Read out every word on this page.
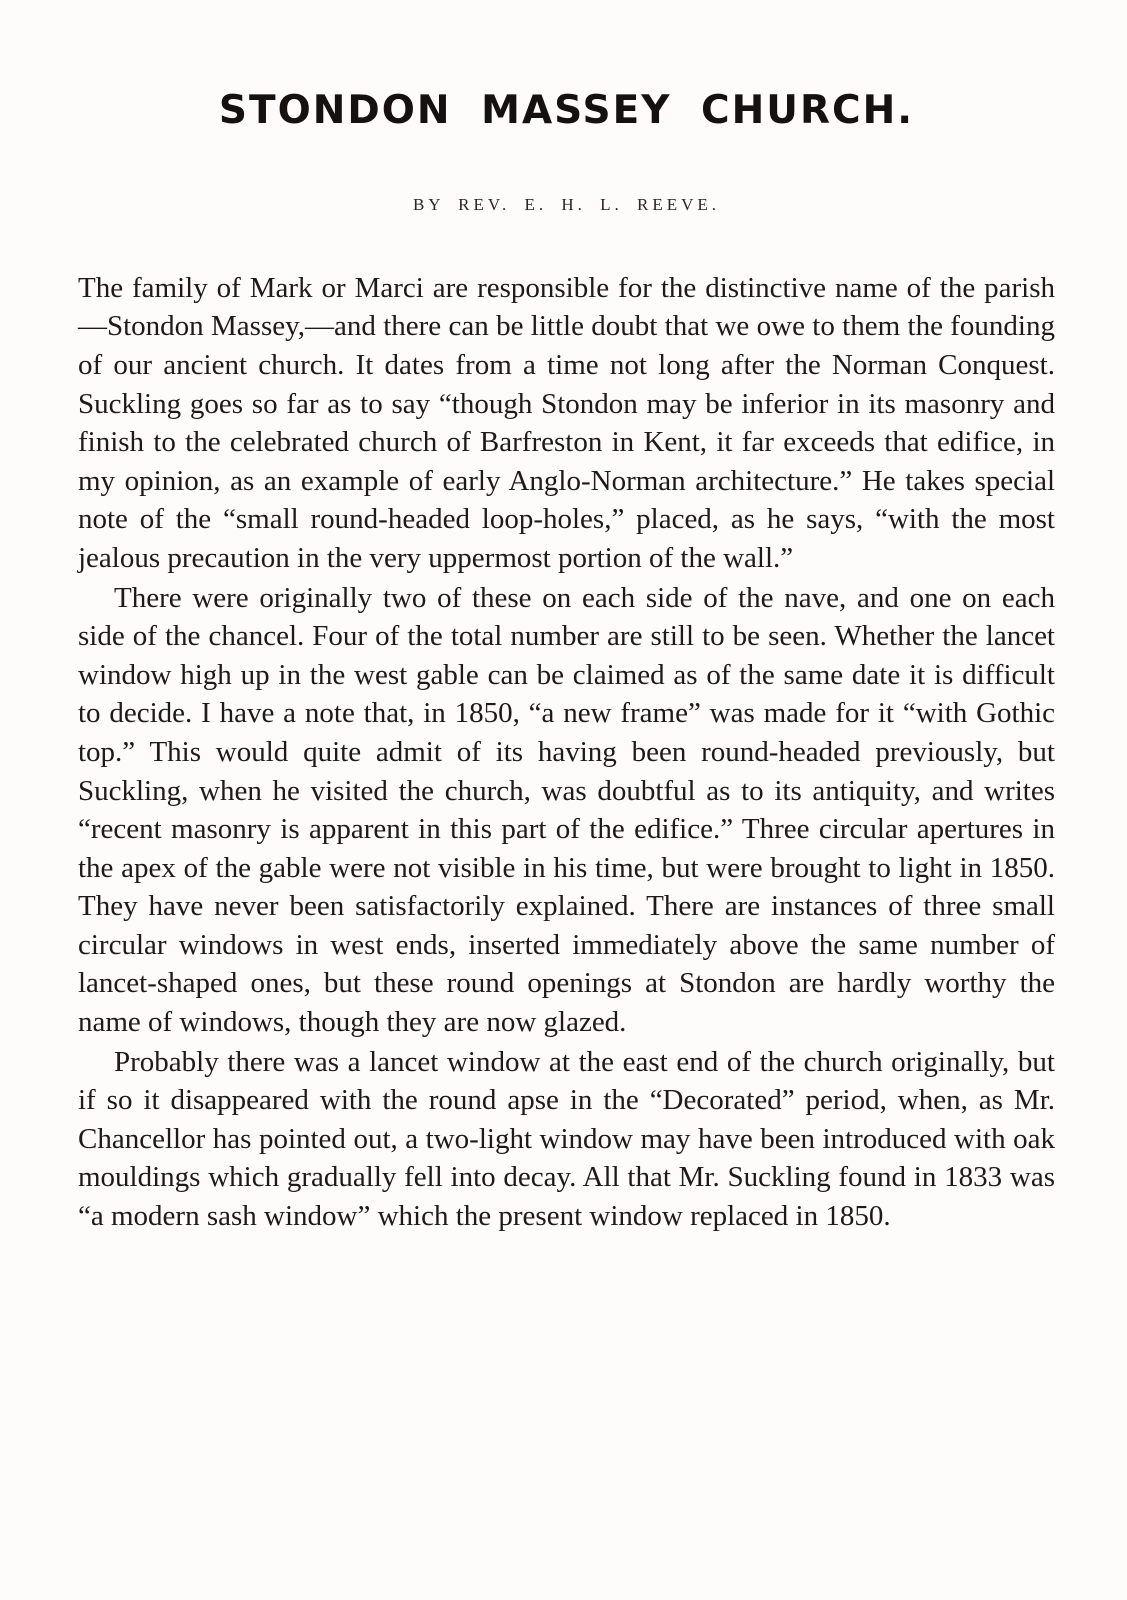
STONDON MASSEY CHURCH.
BY REV. E. H. L. REEVE.

The family of Mark or Marci are responsible for the distinctive name of the parish—Stondon Massey,—and there can be little doubt that we owe to them the founding of our ancient church. It dates from a time not long after the Norman Conquest. Suckling goes so far as to say “though Stondon may be inferior in its masonry and finish to the celebrated church of Barfreston in Kent, it far exceeds that edifice, in my opinion, as an example of early Anglo-Norman architecture.” He takes special note of the “small round-headed loop-holes,” placed, as he says, “with the most jealous precaution in the very uppermost portion of the wall.”

There were originally two of these on each side of the nave, and one on each side of the chancel. Four of the total number are still to be seen. Whether the lancet window high up in the west gable can be claimed as of the same date it is difficult to decide. I have a note that, in 1850, “a new frame” was made for it “with Gothic top.” This would quite admit of its having been round-headed previously, but Suckling, when he visited the church, was doubtful as to its antiquity, and writes “recent masonry is apparent in this part of the edifice.” Three circular apertures in the apex of the gable were not visible in his time, but were brought to light in 1850. They have never been satisfactorily explained. There are instances of three small circular windows in west ends, inserted immediately above the same number of lancet-shaped ones, but these round openings at Stondon are hardly worthy the name of windows, though they are now glazed.

Probably there was a lancet window at the east end of the church originally, but if so it disappeared with the round apse in the “Decorated” period, when, as Mr. Chancellor has pointed out, a two-light window may have been introduced with oak mouldings which gradually fell into decay. All that Mr. Suckling found in 1833 was “a modern sash window” which the present window replaced in 1850.
